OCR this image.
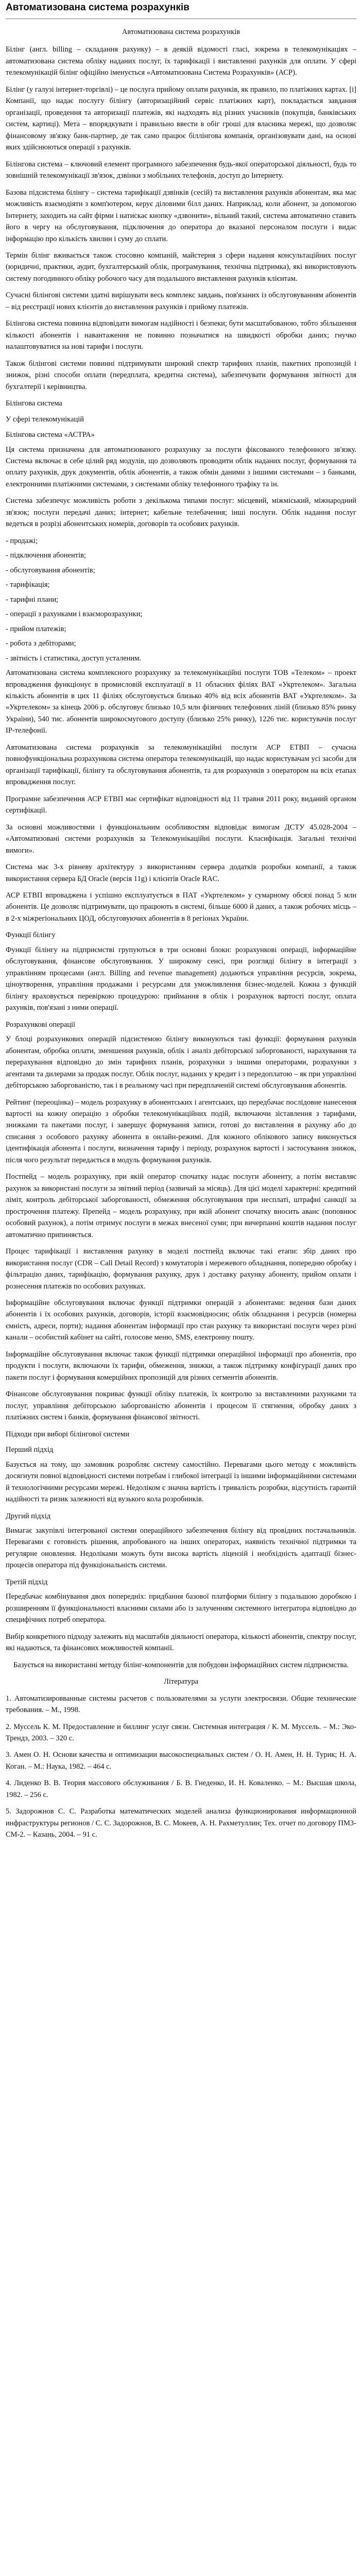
Автоматизована система розрахунків
Автоматизована система розрахунків

Білінг (англ. billing – складання рахунку) – в деякій відомості гласі, зокрема в телекомунікаціях – автоматизована система обліку наданих послуг, їх тарифікації і виставленні рахунків для оплати. У сфері телекомунікацій білінг офіційно іменується «Автоматизована Система Розрахунків» (АСР).

Білінг (у галузі інтернет-торгівлі) – це послуга прийому оплати рахунків, як правило, по платіжних картах. [і] Компанії, що надає послугу білінгу (авторизаційний сервіс платіжних карт), покладається завдання організації, проведення та авторизації платежів, які надходять від різних учасників (покупців, банківських систем, картиці). Мета – впорядкувати і правильно ввести в обіг гроші для власника мережі, що дозволяє фінансовому зв'язку банк-партнер, де так само працює біллінгова компанія, організовувати дані, на основі яких здійснюються операції з рахунків.

Білінгова система – ключовий елемент програмного забезпечення будь-якої операторської діяльності, будь то зовнішній телекомунікації зв'язок, дзвінки з мобільних телефонів, доступ до Інтернету.

Базова підсистема білінгу – система тарифікації дзвінків (сесій) та виставлення рахунків абонентам, яка має можливість взаємодіяти з комп'ютером, керує діловими білл даних. Наприклад, коли абонент, за допомогою Інтернету, заходить на сайт фірми і натискає кнопку «дзвонити», вільний такий, система автоматично ставить його в чергу на обслуговування, підключення до оператора до вказаної персоналом послуги і видає інформацію про кількість хвилин і суму до сплати.

Термін білінг вживається також стосовно компаній, майстерня з сфери надання консультаційних послуг (юридичні, практики, аудит, бухгалтерський облік, програмування, технічна підтримка), які використовують систему погодинного обліку робочого часу для подальшого виставлення рахунків клієнтам.

Сучасні білінгові системи здатні вирішувати весь комплекс завдань, пов'язаних із обслуговуванням абонентів – від реєстрації нових клієнтів до виставлення рахунків і прийому платежів.

Білінгова система повинна відповідати вимогам надійності і безпеки; бути масштабованою, тобто збільшення кількості абонентів і навантаження не повинно позначатися на швидкості обробки даних; гнучко налаштовуватися на нові тарифи і послуги.

Також білінгові системи повинні підтримувати широкий спектр тарифних планів, пакетних пропозицій і знижок, різні способи оплати (передплата, кредитна система), забезпечувати формування звітності для бухгалтерії і керівництва.

Білінгова система
У сфері телекомунікацій
Білінгова система «АСТРА»

Ця система призначена для автоматизованого розрахунку за послуги фіксованого телефонного зв'язку. Система включає в себе цілий ряд модулів, що дозволяють проводити облік наданих послуг, формування та оплату рахунків, друк документів, облік абонентів, а також обмін даними з іншими системами – з банками, електронними платіжними системами, з системами обліку телефонного трафіку та ін.

Система забезпечує можливість роботи з декількома типами послуг: місцевий, міжміський, міжнародний зв'язок; послуги передачі даних; інтернет; кабельне телебачення; інші послуги. Облік надання послуг ведеться в розрізі абонентських номерів, договорів та особових рахунків.

- продажі;
- підключення абонентів;
- обслуговування абонентів;
- тарифікація;
- тарифні плани;
- операції з рахунками і взаєморозрахунки;
- прийом платежів;
- робота з дебіторами;
- звітність і статистика, доступ усталеним.

Автоматизована система комплексного розрахунку за телекомунікаційні послуги ТОВ «Телеком» – проект впровадження функціонує в промисловій експлуатації в 11 обласних філіях ВАТ «Укртелеком». Загальна кількість абонентів в цих 11 філіях обслуговується близько 40% від всіх абонентів ВАТ «Укртелеком». За «Укртелеком» за кінець 2006 р. обслуговує близько 10,5 млн фізичних телефонних ліній (близько 85% ринку України), 540 тис. абонентів широкосмугового доступу (близько 25% ринку), 1226 тис. користувачів послуг IP-телефонії.

Автоматизована система розрахунків за телекомунікаційні послуги АСР ЕТВП – сучасна повнофункціональна розрахункова система оператора телекомунікацій, що надає користувачам усі засоби для організації тарифікації, білінгу та обслуговування абонентів, та для розрахунків з оператором на всіх етапах впровадження послуг.

Програмне забезпечення АСР ЕТВП має сертифікат відповідності від 11 травня 2011 року, виданий органом сертифікації.

За основні можливостями і функціональним особливостям відповідає вимогам ДСТУ 45.028-2004 – «Автоматизовані системи розрахунків за Телекомунікаційні послуги. Класифікація. Загальні технічні вимоги».

Система має 3-х рівневу архітектуру з використанням сервера додатків розробки компанії, а також використання сервера БД Oracle (версія 11g) і клієнтів Oracle RAC.

АСР ЕТВП впроваджена і успішно експлуатується в ПАТ «Укртелеком» у сумарному обсязі понад 5 млн абонентів. Це дозволяє підтримувати, що працюють в системі, більше 6000 й даних, а також робочих місць – в 2-х міжрегіональних ЦОД, обслуговуючих абонентів в 8 регіонах України.

Функції білінгу

Функції білінгу на підприємстві групуються в три основні блоки: розрахункові операції, інформаційне обслуговування, фінансове обслуговування. У широкому сенсі, при розгляді білінгу в інтеграції з управлінням процесами (англ. Billing and revenue management) додаються управління ресурсів, зокрема, ціноутворення, управління продажами і ресурсами для уможливлення бізнес-моделей. Кожна з функцій білінгу враховується перевіркою процедурою: приймання в облік і розрахунок вартості послуг, оплата рахунків, пов'язані з ними операції.

Розрахункові операції

У блоці розрахункових операцій підсистемою білінгу виконуються такі функції: формування рахунків абонентам, обробка оплати, зменшення рахунків, облік і аналіз дебіторської заборгованості, нарахування та перерахування відповідно до змін тарифних планів, розрахунки з іншими операторами, розрахунки з агентами та дилерами за продаж послуг. Облік послуг, наданих у кредит і з передоплатою – як при управлінні дебіторською заборгованістю, так і в реальному часі при передплаченій системі обслуговування абонентів.

Рейтинг (переоцінка) – модель розрахунку в абонентських і агентських, що передбачає послідовне нанесення вартості на кожну операцію з обробки телекомунікаційних подій, включаючи зіставлення з тарифами, знижками та пакетами послуг, і завершує формування записи, готові до виставлення в рахунку або до списання з особового рахунку абонента в онлайн-режимі. Для кожного облікового запису виконується ідентифікація абонента і послуги, визначення тарифу і періоду, розрахунок вартості і застосування знижок, після чого результат передається в модуль формування рахунків.

Постпейд – модель розрахунку, при якій оператор спочатку надає послуги абоненту, а потім виставляє рахунок за використані послуги за звітний період (зазвичай за місяць). Для цієї моделі характерні: кредитний ліміт, контроль дебіторської заборгованості, обмеження обслуговування при несплаті, штрафні санкції за прострочення платежу. Препейд – модель розрахунку, при якій абонент спочатку вносить аванс (поповнює особовий рахунок), а потім отримує послуги в межах внесеної суми; при вичерпанні коштів надання послуг автоматично припиняється.

Процес тарифікації і виставлення рахунку в моделі постпейд включає такі етапи: збір даних про використання послуг (CDR – Call Detail Record) з комутаторів і мережевого обладнання, попередню обробку і фільтрацію даних, тарифікацію, формування рахунку, друк і доставку рахунку абоненту, прийом оплати і рознесення платежів по особових рахунках.

Інформаційне обслуговування включає функції підтримки операцій з абонентами: ведення бази даних абонентів і їх особових рахунків, договорів, історії взаємовідносин; облік обладнання і ресурсів (номерна ємність, адреси, порти); надання абонентам інформації про стан рахунку та використані послуги через різні канали – особистий кабінет на сайті, голосове меню, SMS, електронну пошту.

Інформаційне обслуговування включає також функції підтримки операційної інформації про абонентів, про продукти і послуги, включаючи їх тарифи, обмеження, знижки, а також підтримку конфігурації даних про пакети послуг і формування комерційних пропозицій для різних сегментів абонентів.

Фінансове обслуговування покриває функції обліку платежів, їх контролю за виставленими рахунками та послуг, управління дебіторською заборгованістю абонентів і процесом її стягнення, обробку даних з платіжних систем і банків, формування фінансової звітності.

Підходи при виборі білінгової системи
Перший підхід

Базується на тому, що замовник розробляє систему самостійно. Перевагами цього методу є можливість досягнути повної відповідності системи потребам і глибокої інтеграції із іншими інформаційними системами й технологічними ресурсами мережі. Недоліком є значна вартість і тривалість розробки, відсутність гарантій надійності та ризик залежності від вузького кола розробників.

Другий підхід

Вимагає закупівлі інтегрованої системи операційного забезпечення білінгу від провідних постачальників. Перевагами є готовність рішення, апробованого на інших операторах, наявність технічної підтримки та регулярне оновлення. Недоліками можуть бути висока вартість ліцензій і необхідність адаптації бізнес-процесів оператора під функціональність системи.

Третій підхід

Передбачає комбінування двох попередніх: придбання базової платформи білінгу з подальшою доробкою і розширенням її функціональності власними силами або із залученням системного інтегратора відповідно до специфічних потреб оператора.

Вибір конкретного підходу залежить від масштабів діяльності оператора, кількості абонентів, спектру послуг, які надаються, та фінансових можливостей компанії.

Базується на використанні методу білінг-компонентів для побудови інформаційних систем підприємства.
Література
1. Автоматизировванные системы расчетов с пользователями за услуги электросвязи. Общие технические требования. – М., 1998.
2. Муссель К. М. Предоставление и биллинг услуг связи. Системная интеграция / К. М. Муссель. – М.: Эко-Трендз, 2003. – 320 с.
3. Амен О. Н. Основи качества и оптимизации высокоспециальных систем / О. Н. Амен, Н. Н. Турик; Н. А. Коган. – М.: Наука, 1982. – 464 с.
4. Лиденко В. В. Теория массового обслуживания / Б. В. Гнеденко, И. Н. Коваленко. – М.: Высшая школа, 1982. – 256 с.
5. Задорожнов С. С. Разработка математических моделей анализа функционирования информационной инфраструктуры регионов / С. С. Задорожнов, В. С. Мокеев, А. Н. Рахметуллин; Тех. отчет по договору ПМ3-СМ-2. – Казань, 2004. – 91 с.
